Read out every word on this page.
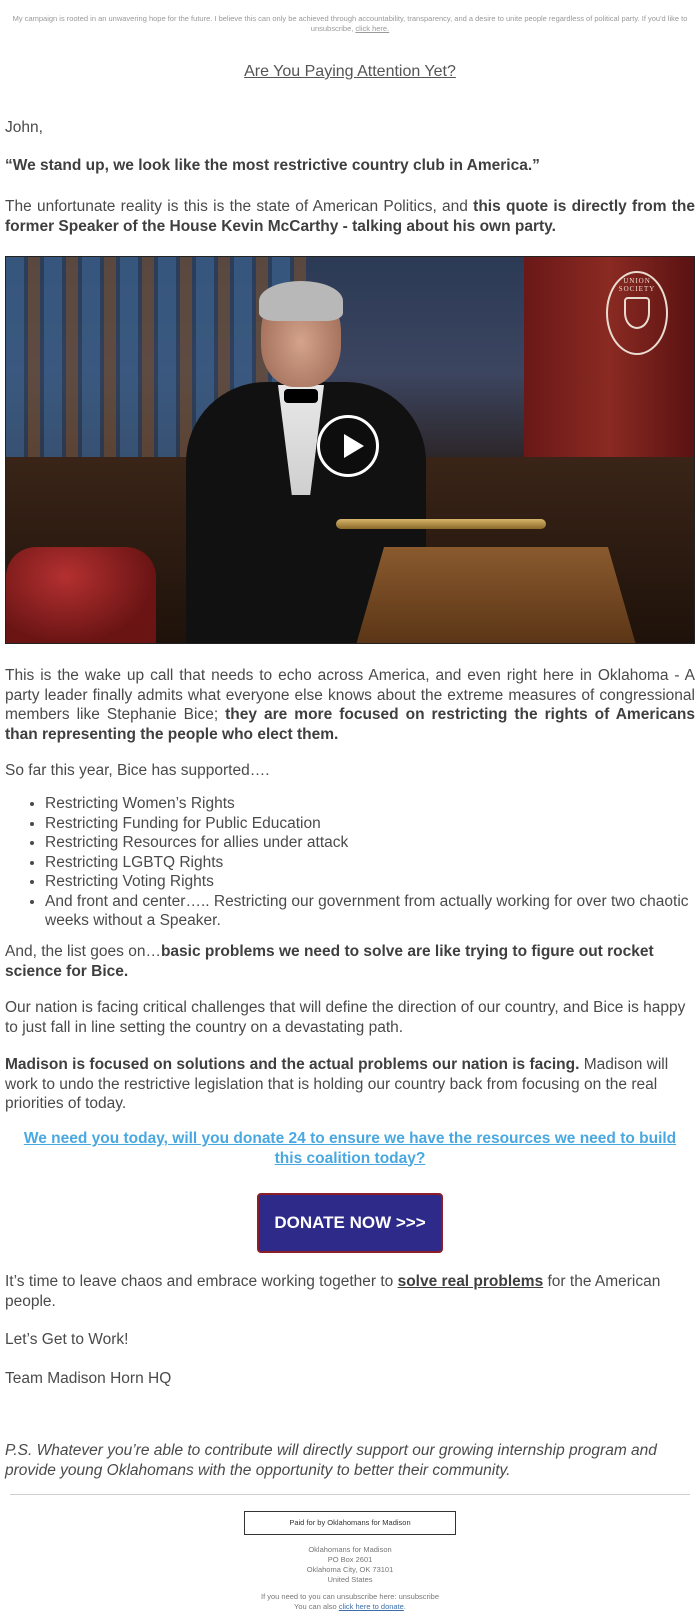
My campaign is rooted in an unwavering hope for the future. I believe this can only be achieved through accountability, transparency, and a desire to unite people regardless of political party. If you'd like to unsubscribe, click here.
Are You Paying Attention Yet?
John,
“We stand up, we look like the most restrictive country club in America.”
The unfortunate reality is this is the state of American Politics, and this quote is directly from the former Speaker of the House Kevin McCarthy - talking about his own party.
UNION SOCIETY
This is the wake up call that needs to echo across America, and even right here in Oklahoma - A party leader finally admits what everyone else knows about the extreme measures of congressional members like Stephanie Bice; they are more focused on restricting the rights of Americans than representing the people who elect them.
So far this year, Bice has supported….
• Restricting Women’s Rights
• Restricting Funding for Public Education
• Restricting Resources for allies under attack
• Restricting LGBTQ Rights
• Restricting Voting Rights
• And front and center….. Restricting our government from actually working for over two chaotic weeks without a Speaker.
And, the list goes on…basic problems we need to solve are like trying to figure out rocket science for Bice.
Our nation is facing critical challenges that will define the direction of our country, and Bice is happy to just fall in line setting the country on a devastating path.
Madison is focused on solutions and the actual problems our nation is facing. Madison will work to undo the restrictive legislation that is holding our country back from focusing on the real priorities of today.
We need you today, will you donate 24 to ensure we have the resources we need to build this coalition today?
DONATE NOW >>>
It’s time to leave chaos and embrace working together to solve real problems for the American people.
Let’s Get to Work!
Team Madison Horn HQ
P.S. Whatever you’re able to contribute will directly support our growing internship program and provide young Oklahomans with the opportunity to better their community.
Paid for by Oklahomans for Madison
Oklahomans for Madison
PO Box 2601
Oklahoma City, OK 73101
United States
If you need to you can unsubscribe here: unsubscribe
You can also click here to donate.
